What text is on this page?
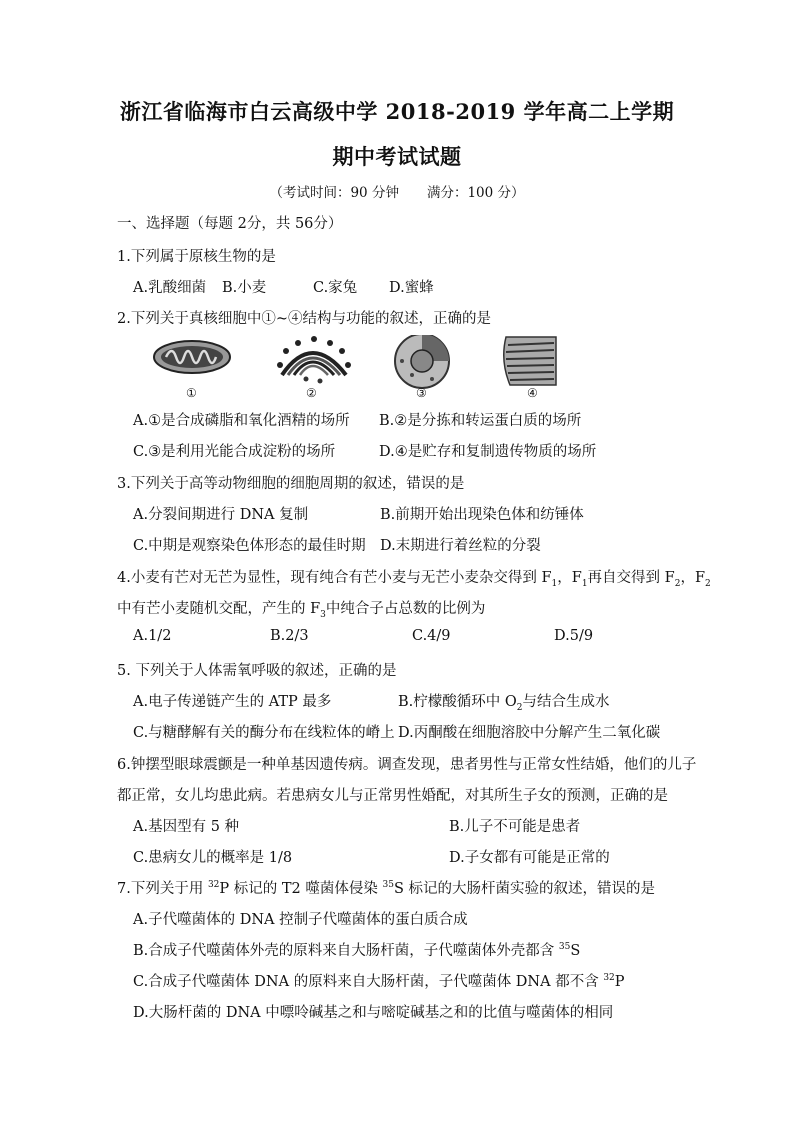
浙江省临海市白云高级中学 2018-2019 学年高二上学期
期中考试试题
（考试时间：90 分钟 满分：100 分）
一、选择题（每题 2分，共 56分）
1.下列属于原核生物的是
A.乳酸细菌 B.小麦	C.家兔 D.蜜蜂
2.下列关于真核细胞中①~④结构与功能的叙述，正确的是
①	②	③	④
A.①是合成磷脂和氧化酒精的场所 B.②是分拣和转运蛋白质的场所
C.③是利用光能合成淀粉的场所	D.④是贮存和复制遗传物质的场所
3.下列关于高等动物细胞的细胞周期的叙述，错误的是
A.分裂间期进行 DNA 复制	B.前期开始出现染色体和纺锤体
C.中期是观察染色体形态的最佳时期 D.末期进行着丝粒的分裂
4.小麦有芒对无芒为显性，现有纯合有芒小麦与无芒小麦杂交得到 $F_1$，$F_1$再自交得到 $F_2$，$F_2$
中有芒小麦随机交配，产生的 $F_3$中纯合子占总数的比例为
A.1/2	B.2/3	C.4/9	D.5/9
5. 下列关于人体需氧呼吸的叙述，正确的是
A.电子传递链产生的 ATP 最多	B.柠檬酸循环中 $O_2$与结合生成水
C.与糖酵解有关的酶分布在线粒体的嵴上 D.丙酮酸在细胞溶胶中分解产生二氧化碳
6.钟摆型眼球震颤是一种单基因遗传病。调查发现，患者男性与正常女性结婚，他们的儿子
都正常，女儿均患此病。若患病女儿与正常男性婚配，对其所生子女的预测，正确的是
A.基因型有 5 种	B.儿子不可能是患者
C.患病女儿的概率是 1/8	D.子女都有可能是正常的
7.下列关于用 $^{32}$P 标记的 T2 噬菌体侵染 $^{35}$S 标记的大肠杆菌实验的叙述，错误的是
A.子代噬菌体的 DNA 控制子代噬菌体的蛋白质合成
B.合成子代噬菌体外壳的原料来自大肠杆菌，子代噬菌体外壳都含 $^{35}$S
C.合成子代噬菌体 DNA 的原料来自大肠杆菌，子代噬菌体 DNA 都不含 $^{32}$P
D.大肠杆菌的 DNA 中嘌呤碱基之和与嘧啶碱基之和的比值与噬菌体的相同
